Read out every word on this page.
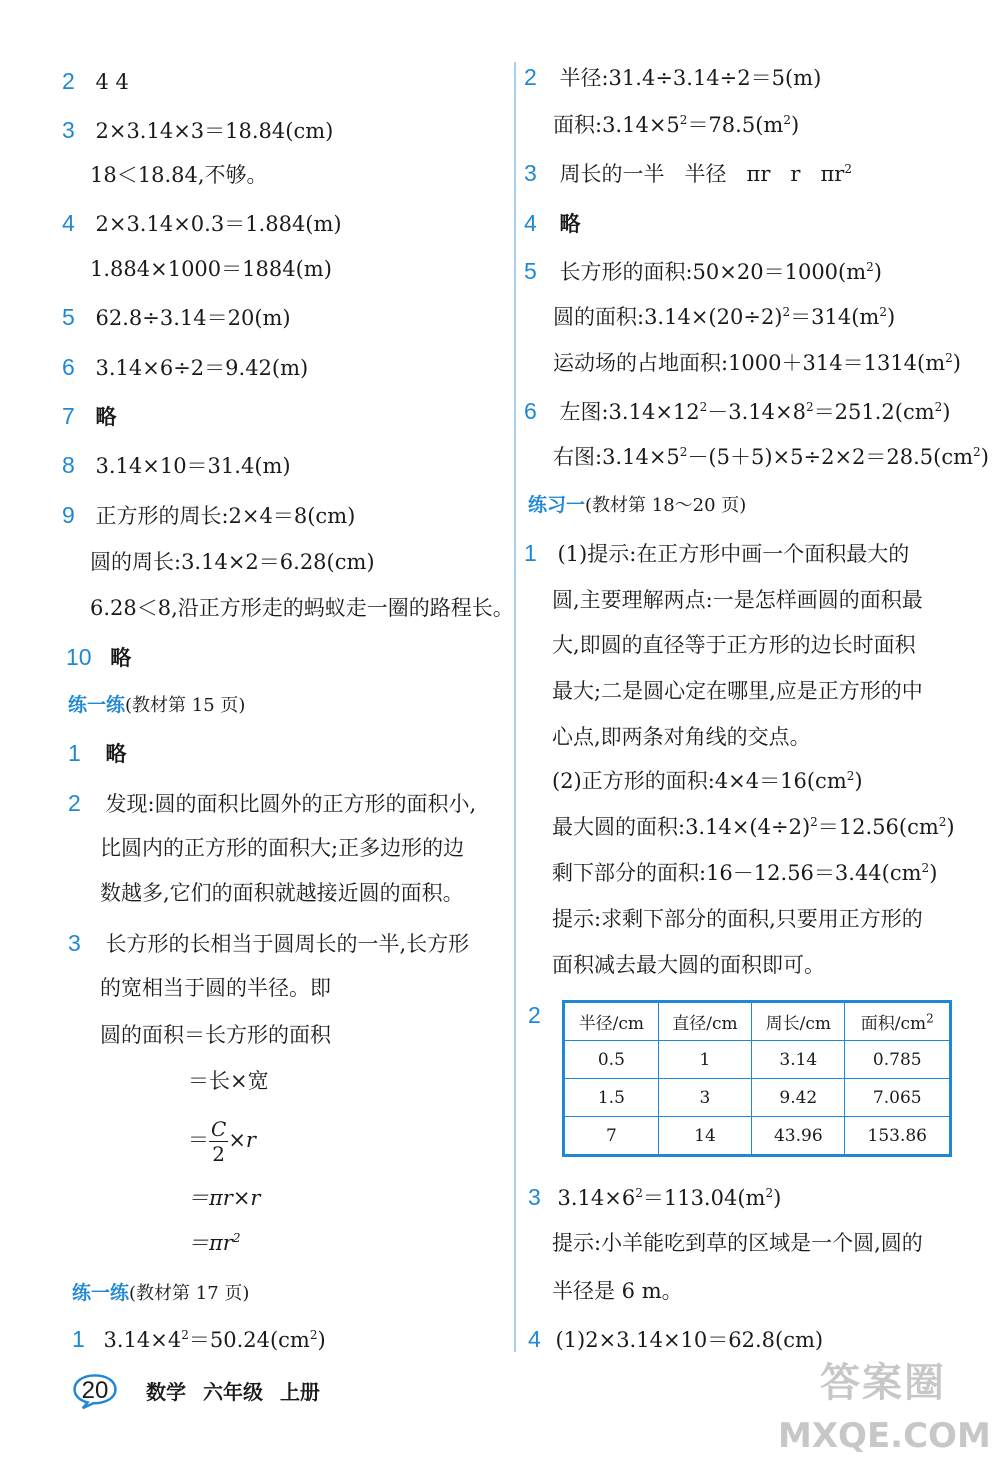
2 4 4
3 2×3.14×3＝18.84(cm)
18＜18.84,不够。
4 2×3.14×0.3＝1.884(m)
1.884×1000＝1884(m)
5 62.8÷3.14＝20(m)
6 3.14×6÷2＝9.42(m)
7 略
8 3.14×10＝31.4(m)
9 正方形的周长:2×4＝8(cm)
圆的周长:3.14×2＝6.28(cm)
6.28＜8,沿正方形走的蚂蚁走一圈的路程长。
10 略
练一练(教材第 15 页)
1 略
2 发现:圆的面积比圆外的正方形的面积小,
比圆内的正方形的面积大;正多边形的边
数越多,它们的面积就越接近圆的面积。
3 长方形的长相当于圆周长的一半,长方形
的宽相当于圆的半径。即
圆的面积＝长方形的面积
＝长×宽
＝ $\frac{C}{2} \times r$
＝πr×r
$=\pi r^2$
练一练(教材第 17 页)
1 $3.14\times 4^2=50.24(cm^2)$
2 半径:31.4÷3.14÷2＝5(m)
面积$:3.14\times 5^2=78.5(m^2)$
3 周长的一半   半径   πr   r   $\pi r^2$
4 略
5 长方形的面积$:50\times 20=1000(m^2)$
圆的面积$:3.14\times(20\div 2)^2=314(m^2)$
运动场的占地面积$:1000+314=1314(m^2)$
6 左图$:3.14\times 12^2-3.14\times 8^2=251.2(cm^2)$
右图$:3.14\times 5^2-(5+5)\times 5\div 2\times 2=28.5(cm^2)$
练习一(教材第 18～20 页)
1 (1)提示:在正方形中画一个面积最大的
圆,主要理解两点:一是怎样画圆的面积最
大,即圆的直径等于正方形的边长时面积
最大;二是圆心定在哪里,应是正方形的中
心点,即两条对角线的交点。
(2)正方形的面积$:4\times 4=16(cm^2)$
最大圆的面积$:3.14\times(4\div 2)^2=12.56(cm^2)$
剩下部分的面积$:16-12.56=3.44(cm^2)$
提示:求剩下部分的面积,只要用正方形的
面积减去最大圆的面积即可。
2 半径/cm	直径/cm	周长/cm	面积$/cm^2$
0.5	1	3.14	0.785
1.5	3	9.42	7.065
7	14	43.96	153.86
3 $3.14\times 6^2=113.04(m^2)$
提示:小羊能吃到草的区域是一个圆,圆的
半径是 6 m。
4 (1)2×3.14×10＝62.8(cm)
20	数学 六年级 上册	答案圈
MXQE.COM
